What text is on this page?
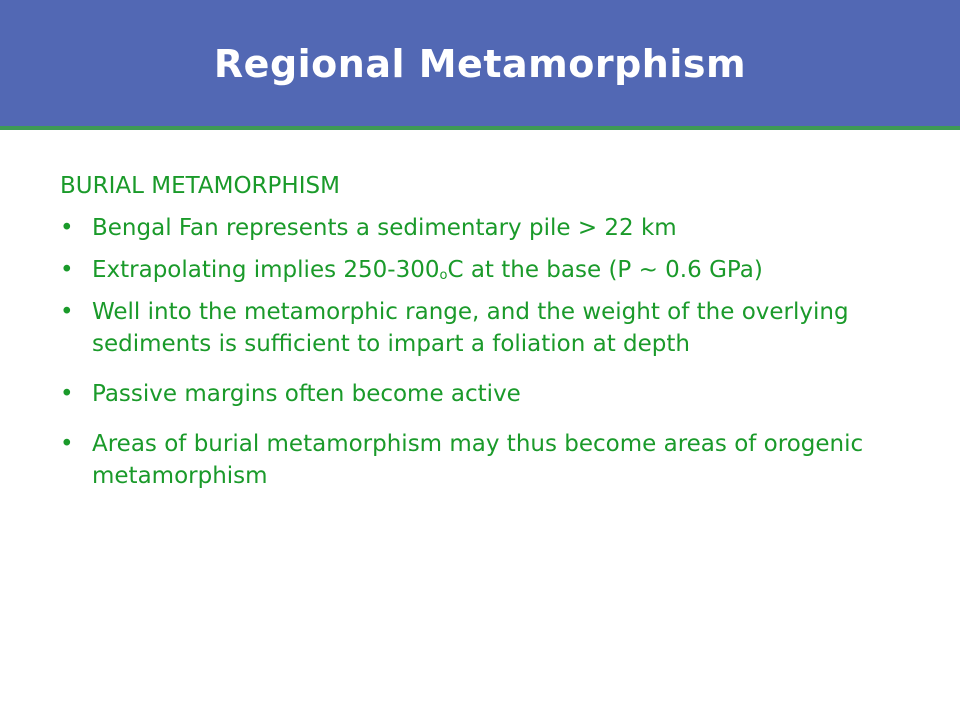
Regional Metamorphism
BURIAL METAMORPHISM
• Bengal Fan represents a sedimentary pile > 22 km
• Extrapolating implies 250-300$^o$C at the base (P ~ 0.6 GPa)
• Well into the metamorphic range, and the weight of the overlying sediments is sufficient to impart a foliation at depth
• Passive margins often become active
• Areas of burial metamorphism may thus become areas of orogenic metamorphism
